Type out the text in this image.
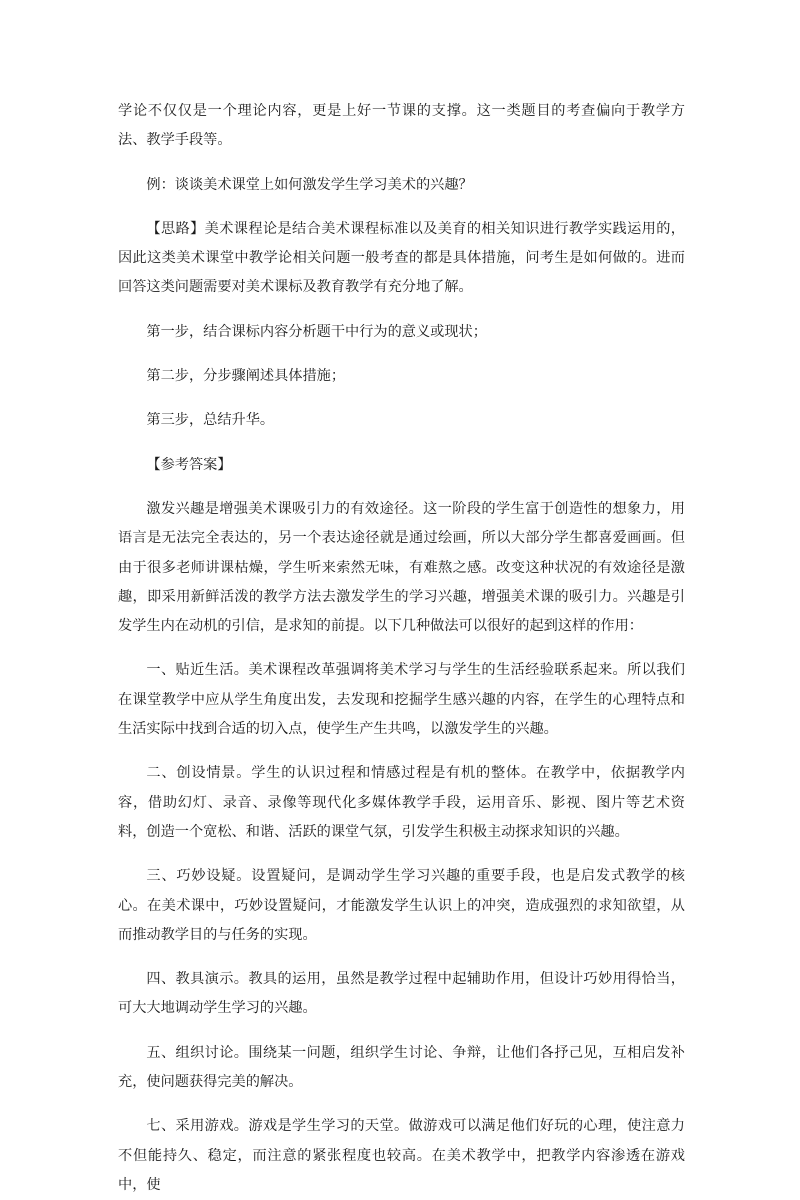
学论不仅仅是一个理论内容，更是上好一节课的支撑。这一类题目的考查偏向于教学方法、教学手段等。

例：谈谈美术课堂上如何激发学生学习美术的兴趣？

【思路】美术课程论是结合美术课程标准以及美育的相关知识进行教学实践运用的，因此这类美术课堂中教学论相关问题一般考查的都是具体措施，问考生是如何做的。进而回答这类问题需要对美术课标及教育教学有充分地了解。

第一步，结合课标内容分析题干中行为的意义或现状；

第二步，分步骤阐述具体措施；

第三步，总结升华。

【参考答案】

激发兴趣是增强美术课吸引力的有效途径。这一阶段的学生富于创造性的想象力，用语言是无法完全表达的，另一个表达途径就是通过绘画，所以大部分学生都喜爱画画。但由于很多老师讲课枯燥，学生听来索然无味，有难熬之感。改变这种状况的有效途径是激趣，即采用新鲜活泼的教学方法去激发学生的学习兴趣，增强美术课的吸引力。兴趣是引发学生内在动机的引信，是求知的前提。以下几种做法可以很好的起到这样的作用：

一、贴近生活。美术课程改革强调将美术学习与学生的生活经验联系起来。所以我们在课堂教学中应从学生角度出发，去发现和挖掘学生感兴趣的内容，在学生的心理特点和生活实际中找到合适的切入点，使学生产生共鸣，以激发学生的兴趣。

二、创设情景。学生的认识过程和情感过程是有机的整体。在教学中，依据教学内容，借助幻灯、录音、录像等现代化多媒体教学手段，运用音乐、影视、图片等艺术资料，创造一个宽松、和谐、活跃的课堂气氛，引发学生积极主动探求知识的兴趣。

三、巧妙设疑。设置疑问，是调动学生学习兴趣的重要手段，也是启发式教学的核心。在美术课中，巧妙设置疑问，才能激发学生认识上的冲突，造成强烈的求知欲望，从而推动教学目的与任务的实现。

四、教具演示。教具的运用，虽然是教学过程中起辅助作用，但设计巧妙用得恰当，可大大地调动学生学习的兴趣。

五、组织讨论。围绕某一问题，组织学生讨论、争辩，让他们各抒己见，互相启发补充，使问题获得完美的解决。

七、采用游戏。游戏是学生学习的天堂。做游戏可以满足他们好玩的心理，使注意力不但能持久、稳定，而注意的紧张程度也较高。在美术教学中，把教学内容渗透在游戏中，使
